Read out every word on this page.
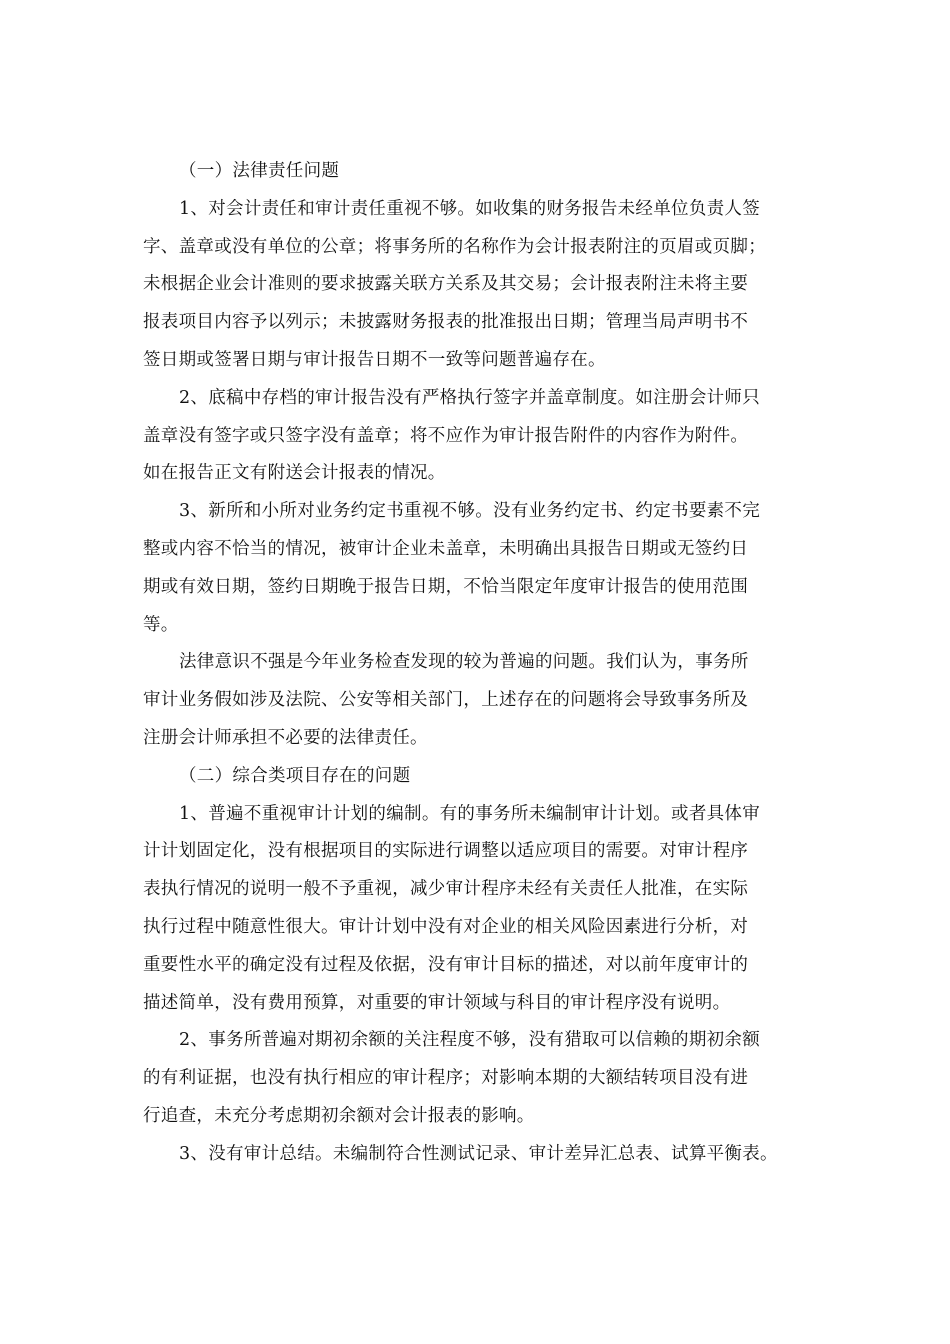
（一）法律责任问题
1、对会计责任和审计责任重视不够。如收集的财务报告未经单位负责人签
字、盖章或没有单位的公章；将事务所的名称作为会计报表附注的页眉或页脚；
未根据企业会计准则的要求披露关联方关系及其交易；会计报表附注未将主要
报表项目内容予以列示；未披露财务报表的批准报出日期；管理当局声明书不
签日期或签署日期与审计报告日期不一致等问题普遍存在。
2、底稿中存档的审计报告没有严格执行签字并盖章制度。如注册会计师只
盖章没有签字或只签字没有盖章；将不应作为审计报告附件的内容作为附件。
如在报告正文有附送会计报表的情况。
3、新所和小所对业务约定书重视不够。没有业务约定书、约定书要素不完
整或内容不恰当的情况，被审计企业未盖章，未明确出具报告日期或无签约日
期或有效日期，签约日期晚于报告日期，不恰当限定年度审计报告的使用范围
等。
法律意识不强是今年业务检查发现的较为普遍的问题。我们认为，事务所
审计业务假如涉及法院、公安等相关部门，上述存在的问题将会导致事务所及
注册会计师承担不必要的法律责任。
（二）综合类项目存在的问题
1、普遍不重视审计计划的编制。有的事务所未编制审计计划。或者具体审
计计划固定化，没有根据项目的实际进行调整以适应项目的需要。对审计程序
表执行情况的说明一般不予重视，减少审计程序未经有关责任人批准，在实际
执行过程中随意性很大。审计计划中没有对企业的相关风险因素进行分析，对
重要性水平的确定没有过程及依据，没有审计目标的描述，对以前年度审计的
描述简单，没有费用预算，对重要的审计领域与科目的审计程序没有说明。
2、事务所普遍对期初余额的关注程度不够，没有猎取可以信赖的期初余额
的有利证据，也没有执行相应的审计程序；对影响本期的大额结转项目没有进
行追查，未充分考虑期初余额对会计报表的影响。
3、没有审计总结。未编制符合性测试记录、审计差异汇总表、试算平衡表。
